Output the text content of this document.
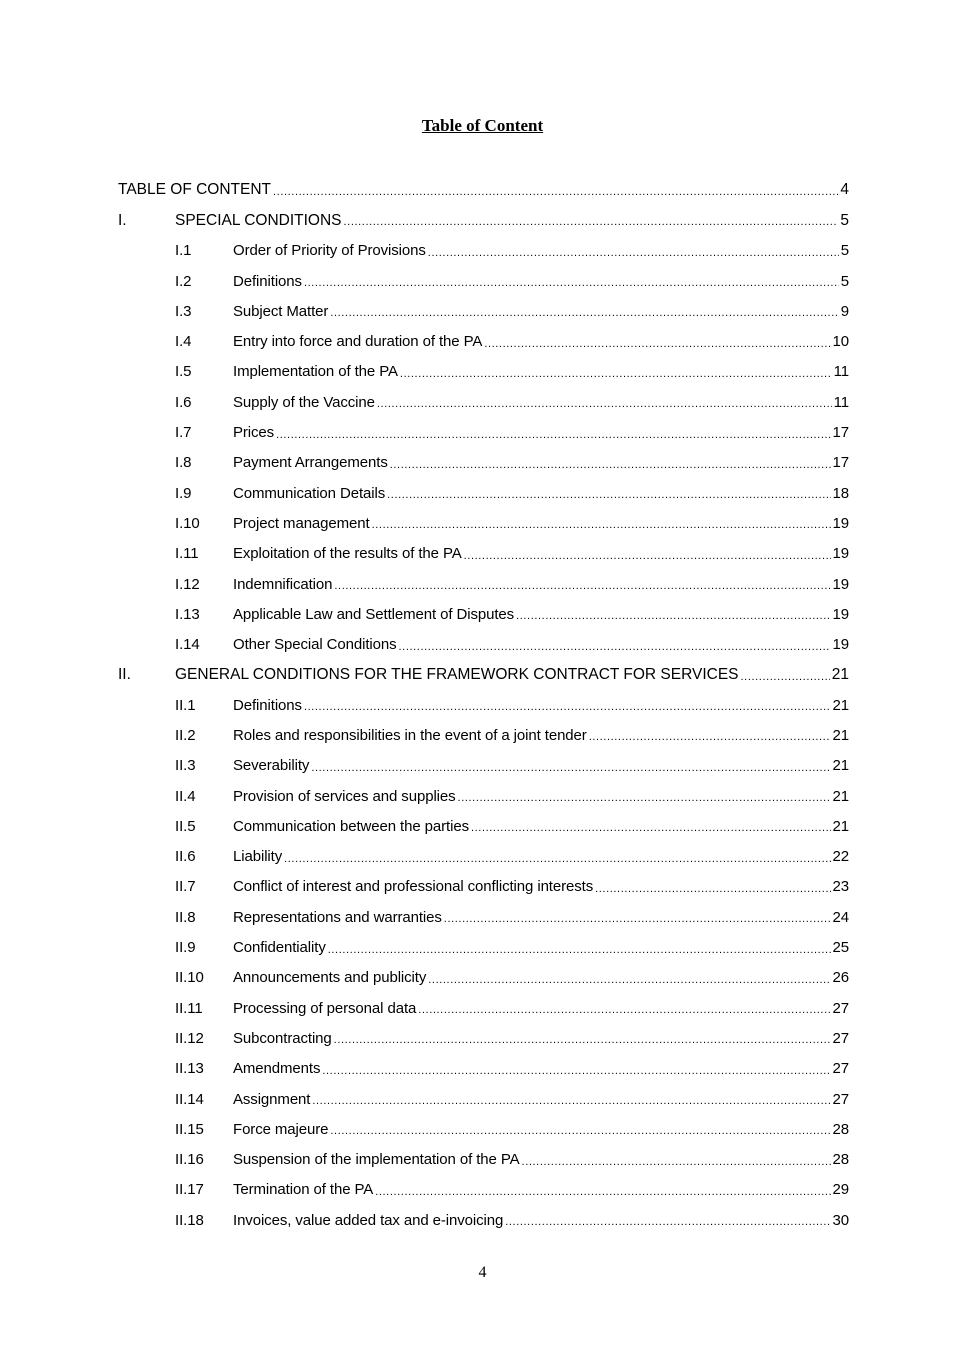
Table of Content
TABLE OF CONTENT .....	4
I.	SPECIAL CONDITIONS .....	5
I.1	Order of Priority of Provisions .....	5
I.2	Definitions .....	5
I.3	Subject Matter .....	9
I.4	Entry into force and duration of the PA .....	10
I.5	Implementation of the PA .....	11
I.6	Supply of the Vaccine .....	11
I.7	Prices .....	17
I.8	Payment Arrangements .....	17
I.9	Communication Details .....	18
I.10	Project management .....	19
I.11	Exploitation of the results of the PA .....	19
I.12	Indemnification .....	19
I.13	Applicable Law and Settlement of Disputes .....	19
I.14	Other Special Conditions .....	19
II.	GENERAL CONDITIONS FOR THE FRAMEWORK CONTRACT FOR SERVICES .....	21
II.1	Definitions .....	21
II.2	Roles and responsibilities in the event of a joint tender .....	21
II.3	Severability .....	21
II.4	Provision of services and supplies .....	21
II.5	Communication between the parties .....	21
II.6	Liability .....	22
II.7	Conflict of interest and professional conflicting interests .....	23
II.8	Representations and warranties .....	24
II.9	Confidentiality .....	25
II.10	Announcements and publicity .....	26
II.11	Processing of personal data .....	27
II.12	Subcontracting .....	27
II.13	Amendments .....	27
II.14	Assignment .....	27
II.15	Force majeure .....	28
II.16	Suspension of the implementation of the PA .....	28
II.17	Termination of the PA .....	29
II.18	Invoices, value added tax and e-invoicing .....	30
4
